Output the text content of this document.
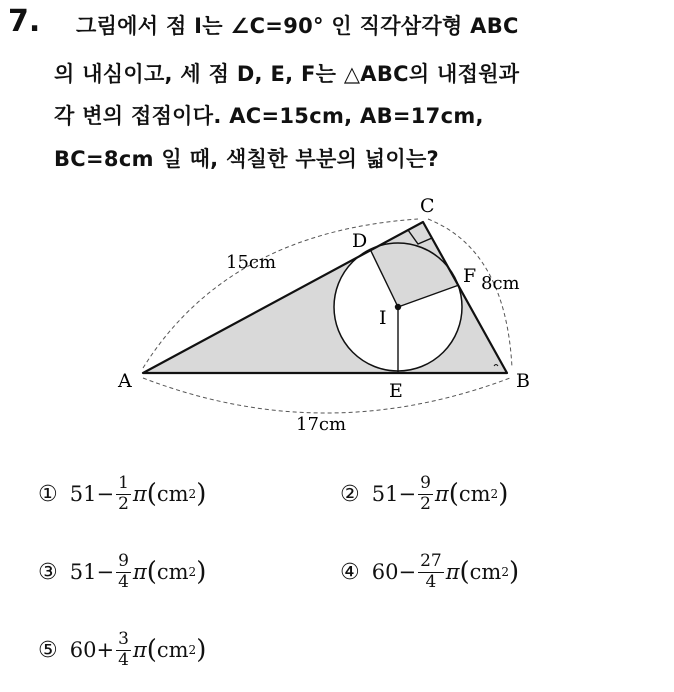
7. 그림에서 점 I는 ∠C=90° 인 직각삼각형 ABC
의 내심이고, 세 점 D, E, F는 △ABC의 내접원과
각 변의 접점이다. AC=15cm, AB=17cm,
BC=8cm 일 때, 색칠한 부분의 넓이는?
A	B
C
D
E
F
I
15cm
8cm
17cm
① $51- \frac{1}{2}$ π ( cm 2 )	② $51- \frac{9}{2}$ π ( cm 2 )
③ $51- \frac{9}{4}$ π ( cm 2 )	④ $60- \frac{27}{4}$ π ( cm 2 )
⑤ $60+ \frac{3}{4}$ π ( cm 2 )
